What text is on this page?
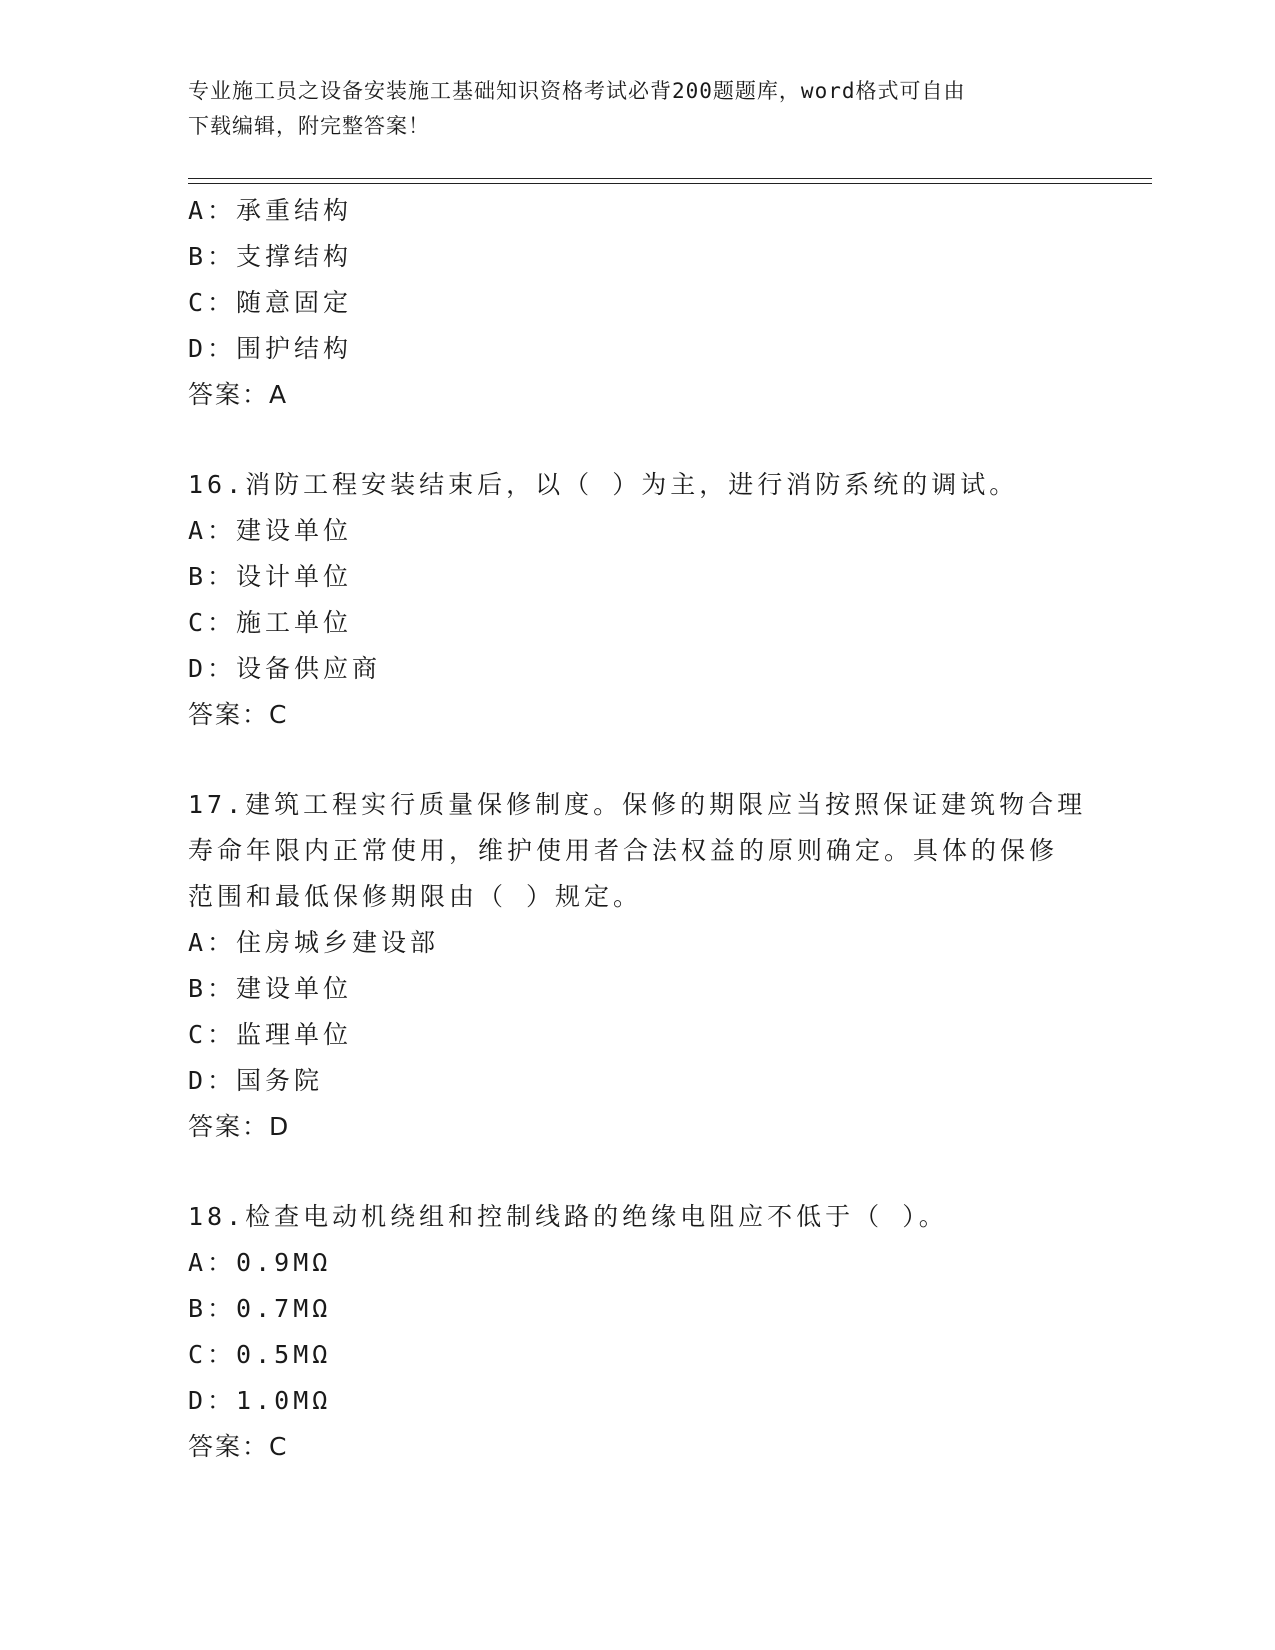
专业施工员之设备安装施工基础知识资格考试必背200题题库，word格式可自由
下载编辑，附完整答案！
A：承重结构
B：支撑结构
C：随意固定
D：围护结构
答案：A
16.消防工程安装结束后，以（ ）为主，进行消防系统的调试。
A：建设单位
B：设计单位
C：施工单位
D：设备供应商
答案：C
17.建筑工程实行质量保修制度。保修的期限应当按照保证建筑物合理
寿命年限内正常使用，维护使用者合法权益的原则确定。具体的保修
范围和最低保修期限由（ ）规定。
A：住房城乡建设部
B：建设单位
C：监理单位
D：国务院
答案：D
18.检查电动机绕组和控制线路的绝缘电阻应不低于（ ）。
A：0.9MΩ
B：0.7MΩ
C：0.5MΩ
D：1.0MΩ
答案：C
